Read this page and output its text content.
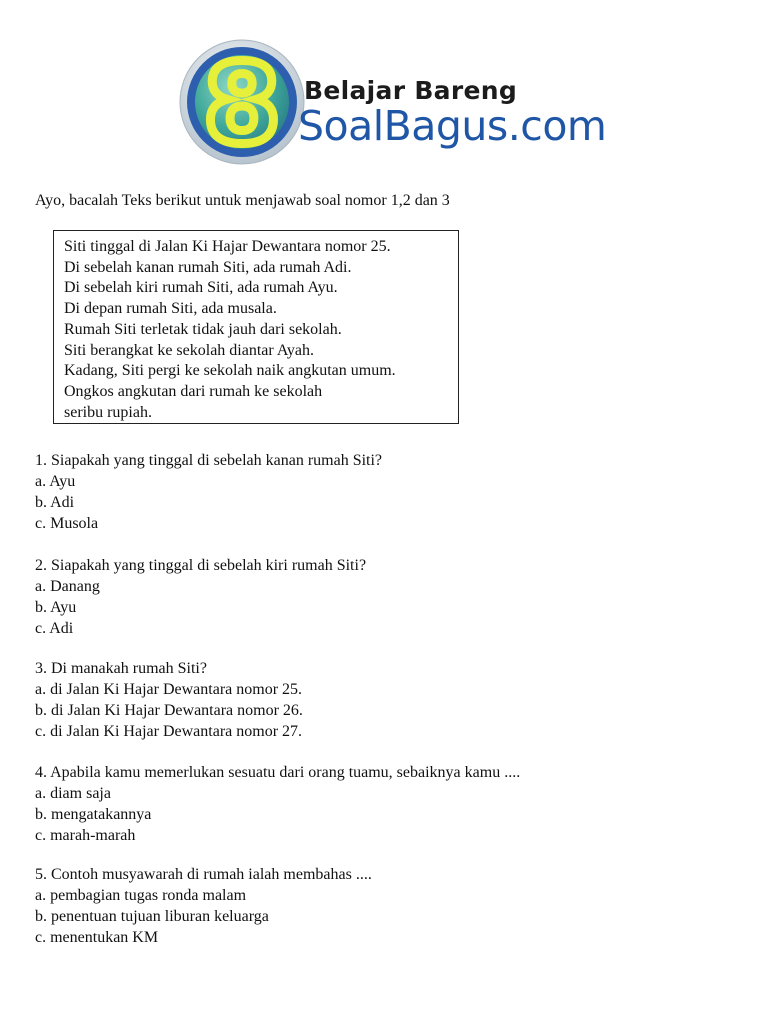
8 Belajar Bareng
SoalBagus.com
Ayo, bacalah Teks berikut untuk menjawab soal nomor 1,2 dan 3
Siti tinggal di Jalan Ki Hajar Dewantara nomor 25.
Di sebelah kanan rumah Siti, ada rumah Adi.
Di sebelah kiri rumah Siti, ada rumah Ayu.
Di depan rumah Siti, ada musala.
Rumah Siti terletak tidak jauh dari sekolah.
Siti berangkat ke sekolah diantar Ayah.
Kadang, Siti pergi ke sekolah naik angkutan umum.
Ongkos angkutan dari rumah ke sekolah
seribu rupiah.
1. Siapakah yang tinggal di sebelah kanan rumah Siti?
a. Ayu
b. Adi
c. Musola
2. Siapakah yang tinggal di sebelah kiri rumah Siti?
a. Danang
b. Ayu
c. Adi
3. Di manakah rumah Siti?
a. di Jalan Ki Hajar Dewantara nomor 25.
b. di Jalan Ki Hajar Dewantara nomor 26.
c. di Jalan Ki Hajar Dewantara nomor 27.
4. Apabila kamu memerlukan sesuatu dari orang tuamu, sebaiknya kamu ....
a. diam saja
b. mengatakannya
c. marah-marah
5. Contoh musyawarah di rumah ialah membahas ....
a. pembagian tugas ronda malam
b. penentuan tujuan liburan keluarga
c. menentukan KM
